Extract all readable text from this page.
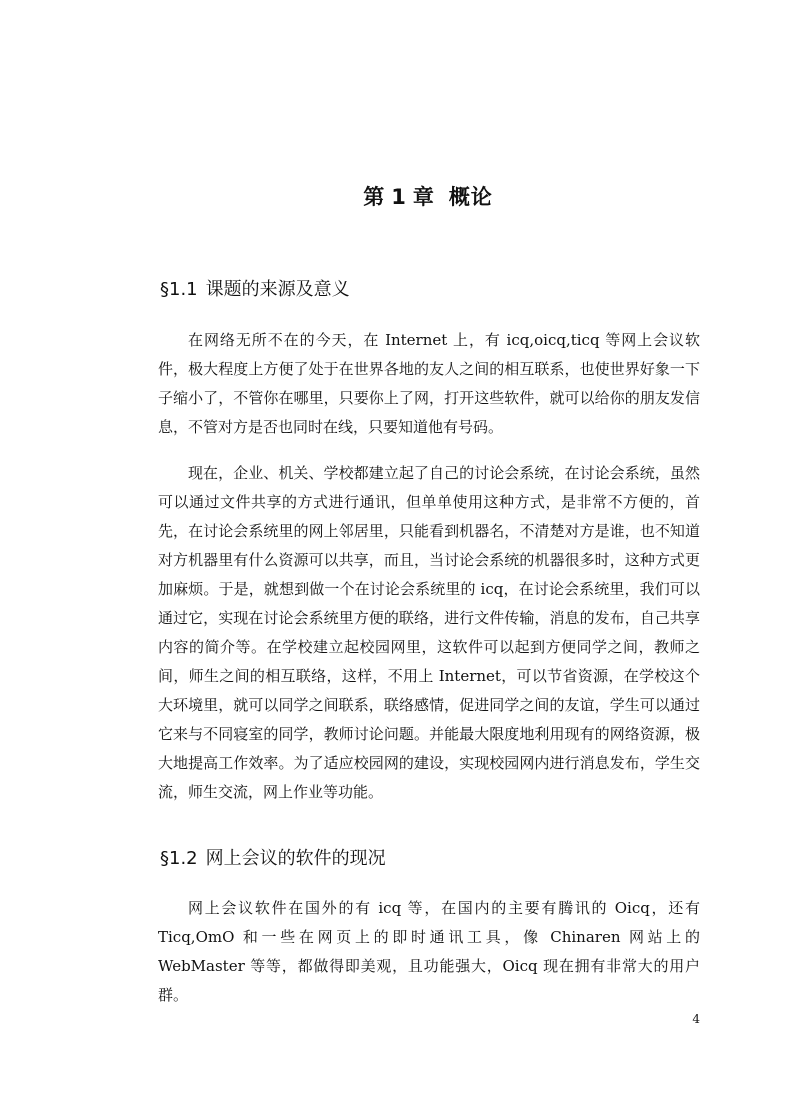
第 1 章 概论
§1.1 课题的来源及意义

在网络无所不在的今天，在 Internet 上，有 icq,oicq,ticq 等网上会议软件，极大程度上方便了处于在世界各地的友人之间的相互联系，也使世界好象一下子缩小了，不管你在哪里，只要你上了网，打开这些软件，就可以给你的朋友发信息，不管对方是否也同时在线，只要知道他有号码。

现在，企业、机关、学校都建立起了自己的讨论会系统，在讨论会系统，虽然可以通过文件共享的方式进行通讯，但单单使用这种方式，是非常不方便的，首先，在讨论会系统里的网上邻居里，只能看到机器名，不清楚对方是谁，也不知道对方机器里有什么资源可以共享，而且，当讨论会系统的机器很多时，这种方式更加麻烦。于是，就想到做一个在讨论会系统里的 icq，在讨论会系统里，我们可以通过它，实现在讨论会系统里方便的联络，进行文件传输，消息的发布，自己共享内容的简介等。在学校建立起校园网里，这软件可以起到方便同学之间，教师之间，师生之间的相互联络，这样，不用上 Internet，可以节省资源，在学校这个大环境里，就可以同学之间联系，联络感情，促进同学之间的友谊，学生可以通过它来与不同寝室的同学，教师讨论问题。并能最大限度地利用现有的网络资源，极大地提高工作效率。为了适应校园网的建设，实现校园网内进行消息发布，学生交流，师生交流，网上作业等功能。

§1.2 网上会议的软件的现况

网上会议软件在国外的有 icq 等，在国内的主要有腾讯的 Oicq，还有 Ticq,OmO 和一些在网页上的即时通讯工具，像 Chinaren 网站上的 WebMaster 等等，都做得即美观，且功能强大，Oicq 现在拥有非常大的用户群。

4
